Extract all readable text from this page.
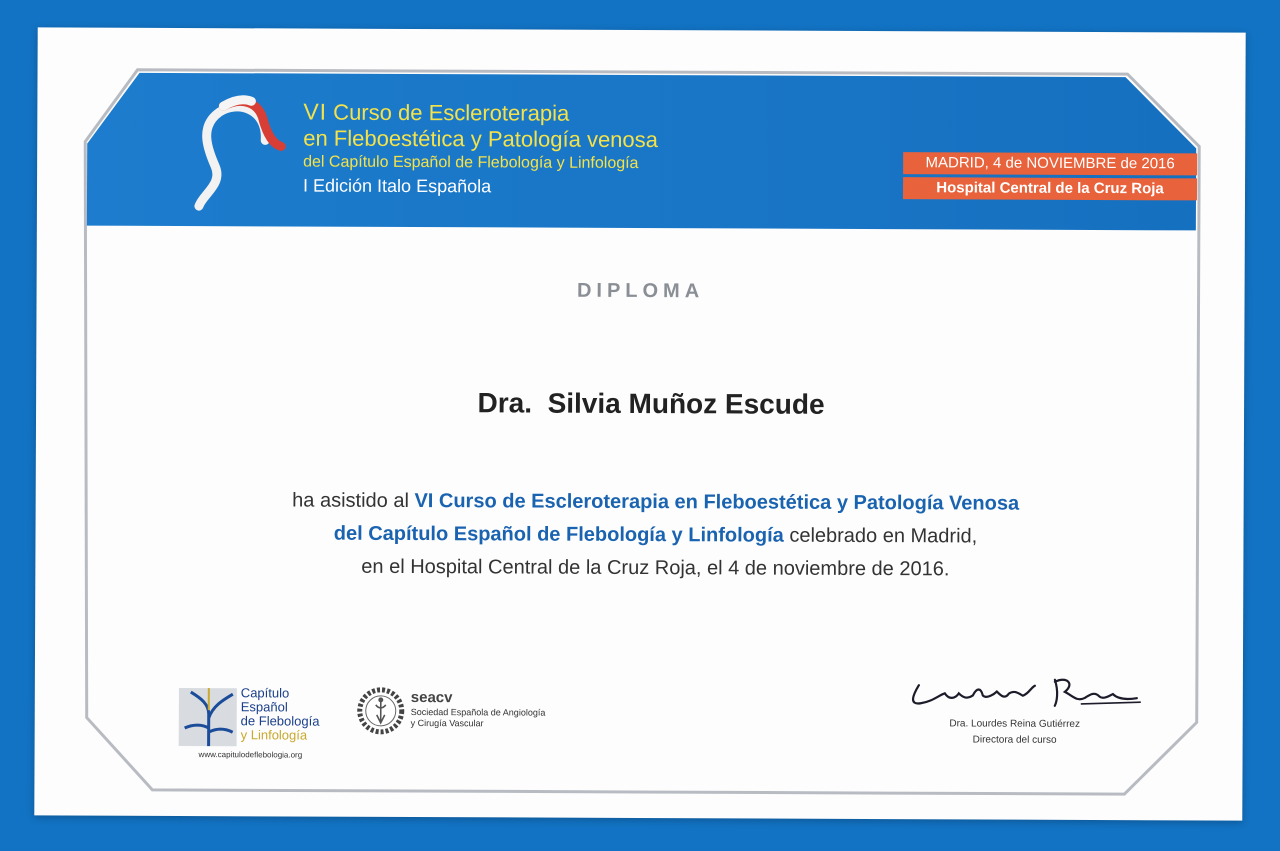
VI Curso de Escleroterapia
en Fleboestética y Patología venosa
del Capítulo Español de Flebología y Linfología
I Edición Italo Española
MADRID, 4 de NOVIEMBRE de 2016
Hospital Central de la Cruz Roja
DIPLOMA
Dra.  Silvia Muñoz Escude
ha asistido al VI Curso de Escleroterapia en Fleboestética y Patología Venosa
del Capítulo Español de Flebología y Linfología celebrado en Madrid,
en el Hospital Central de la Cruz Roja, el 4 de noviembre de 2016.
Capítulo
Español
de Flebología
y Linfología
www.capitulodeflebologia.org
seacv
Sociedad Española de Angiología y Cirugía Vascular	Dra. Lourdes Reina Gutiérrez
Directora del curso
